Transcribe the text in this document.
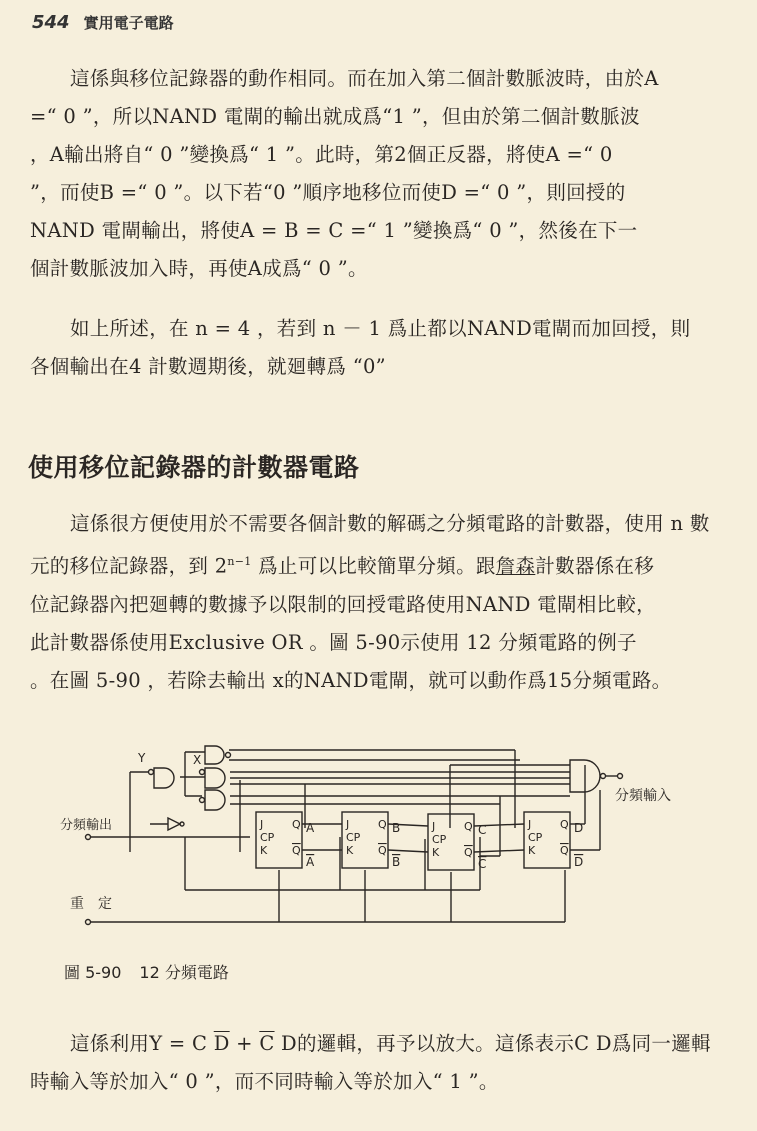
544 實用電子電路
這係與移位記錄器的動作相同。而在加入第二個計數脈波時，由於A
=“ 0 ”，所以NAND 電閘的輸出就成爲“1 ”，但由於第二個計數脈波
，A輸出將自“ 0 ”變換爲“ 1 ”。此時，第2個正反器，將使A =“ 0
”，而使B =“ 0 ”。以下若“0 ”順序地移位而使D =“ 0 ”，則回授的
NAND 電閘輸出，將使A = B = C =“ 1 ”變換爲“ 0 ”，然後在下一
個計數脈波加入時，再使A成爲“ 0 ”。
如上所述，在 n = 4 ，若到 n － 1 爲止都以NAND電閘而加回授，則
各個輸出在4 計數週期後，就廻轉爲 “0”
使用移位記錄器的計數器電路
這係很方便使用於不需要各個計數的解碼之分頻電路的計數器，使用 n 數
元的移位記錄器，到 $2^{n-1}$ 爲止可以比較簡單分頻。跟詹森計數器係在移
位記錄器內把廻轉的數據予以限制的回授電路使用NAND 電閘相比較，
此計數器係使用Exclusive OR 。圖 5-90示使用 12 分頻電路的例子
。在圖 5-90 ，若除去輸出 x的NAND電閘，就可以動作爲15分頻電路。
Y	X
J
CP
K
Q
Q
A
A
J
CP
K
Q
Q
B
B
J
CP
K
Q
Q
C
C
J
CP
K
Q
Q
D
D
分頻輸出
重　定
分頻輸入
圖 5-90 12 分頻電路
這係利用Y = C $\overline{D} + \overline{C}$ D的邏輯，再予以放大。這係表示C D爲同一邏輯
時輸入等於加入“ 0 ”，而不同時輸入等於加入“ 1 ”。
